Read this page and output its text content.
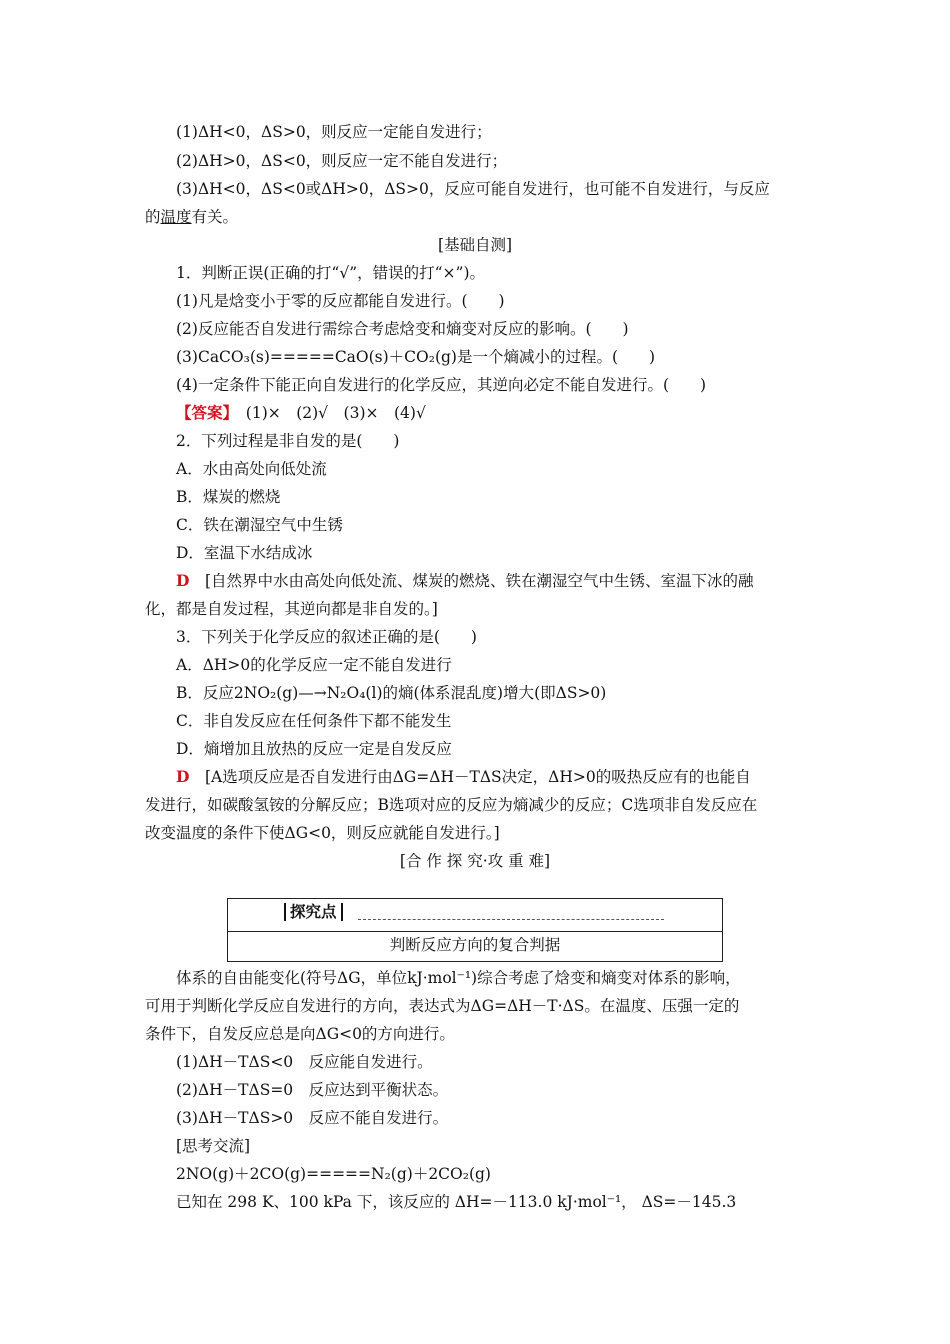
(1)ΔH<0，ΔS>0，则反应一定能自发进行；
(2)ΔH>0，ΔS<0，则反应一定不能自发进行；
(3)ΔH<0，ΔS<0或ΔH>0，ΔS>0，反应可能自发进行，也可能不自发进行，与反应
的温度有关。
[基础自测]
1．判断正误(正确的打“√”，错误的打“×”)。
(1)凡是焓变小于零的反应都能自发进行。(　　)
(2)反应能否自发进行需综合考虑焓变和熵变对反应的影响。(　　)
(3)CaCO₃(s)=====CaO(s)＋CO₂(g)是一个熵减小的过程。(　　)
(4)一定条件下能正向自发进行的化学反应，其逆向必定不能自发进行。(　　)
【答案】　 (1)×　(2)√　(3)×　(4)√
2．下列过程是非自发的是(　　)
A．水由高处向低处流
B．煤炭的燃烧
C．铁在潮湿空气中生锈
D．室温下水结成冰
D　 [自然界中水由高处向低处流、煤炭的燃烧、铁在潮湿空气中生锈、室温下冰的融
化，都是自发过程，其逆向都是非自发的。]
3．下列关于化学反应的叙述正确的是(　　)
A．ΔH>0的化学反应一定不能自发进行
B．反应2NO₂(g)—→N₂O₄(l)的熵(体系混乱度)增大(即ΔS>0)
C．非自发反应在任何条件下都不能发生
D．熵增加且放热的反应一定是自发反应
D　 [A选项反应是否自发进行由ΔG=ΔH－TΔS决定，ΔH>0的吸热反应有的也能自
发进行，如碳酸氢铵的分解反应；B选项对应的反应为熵减少的反应；C选项非自发反应在
改变温度的条件下使ΔG<0，则反应就能自发进行。]
[合 作 探 究·攻 重 难]
探究点
判断反应方向的复合判据
体系的自由能变化(符号ΔG，单位kJ·mol⁻¹)综合考虑了焓变和熵变对体系的影响，
可用于判断化学反应自发进行的方向，表达式为ΔG=ΔH－T·ΔS。在温度、压强一定的
条件下，自发反应总是向ΔG<0的方向进行。
(1)ΔH－TΔS<0　反应能自发进行。
(2)ΔH－TΔS=0　反应达到平衡状态。
(3)ΔH－TΔS>0　反应不能自发进行。
[思考交流]
2NO(g)＋2CO(g)=====N₂(g)＋2CO₂(g)
已知在 298 K、100 kPa 下，该反应的 ΔH=－113.0 kJ·mol⁻¹， ΔS=－145.3
